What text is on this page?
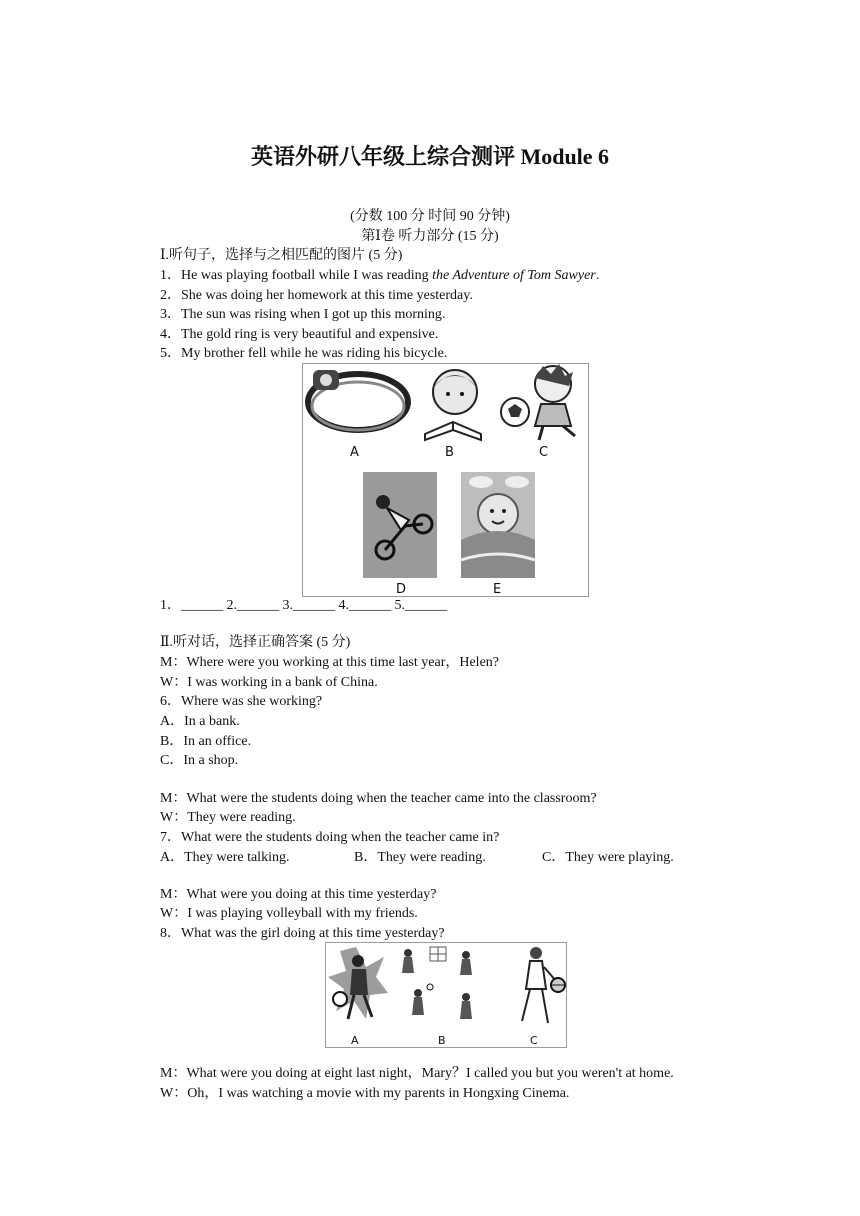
英语外研八年级上综合测评 Module 6
(分数 100 分 时间 90 分钟)
第Ⅰ卷 听力部分 (15 分)
Ⅰ.听句子，选择与之相匹配的图片 (5 分)
1．He was playing football while I was reading the Adventure of Tom Sawyer.
2．She was doing her homework at this time yesterday.
3．The sun was rising when I got up this morning.
4．The gold ring is very beautiful and expensive.
5．My brother fell while he was riding his bicycle.
A	B	C
D	E
1．______ 2.______ 3.______ 4.______ 5.______
Ⅱ.听对话，选择正确答案 (5 分)
M：Where were you working at this time last year，Helen?
W：I was working in a bank of China.
6．Where was she working?
A．In a bank.
B．In an office.
C．In a shop.
M：What were the students doing when the teacher came into the classroom?
W：They were reading.
7．What were the students doing when the teacher came in?
A．They were talking.	B．They were reading.	C．They were playing.
M：What were you doing at this time yesterday?
W：I was playing volleyball with my friends.
8．What was the girl doing at this time yesterday?
A	B	C
M：What were you doing at eight last night，Mary？I called you but you weren't at home.
W：Oh，I was watching a movie with my parents in Hongxing Cinema.
